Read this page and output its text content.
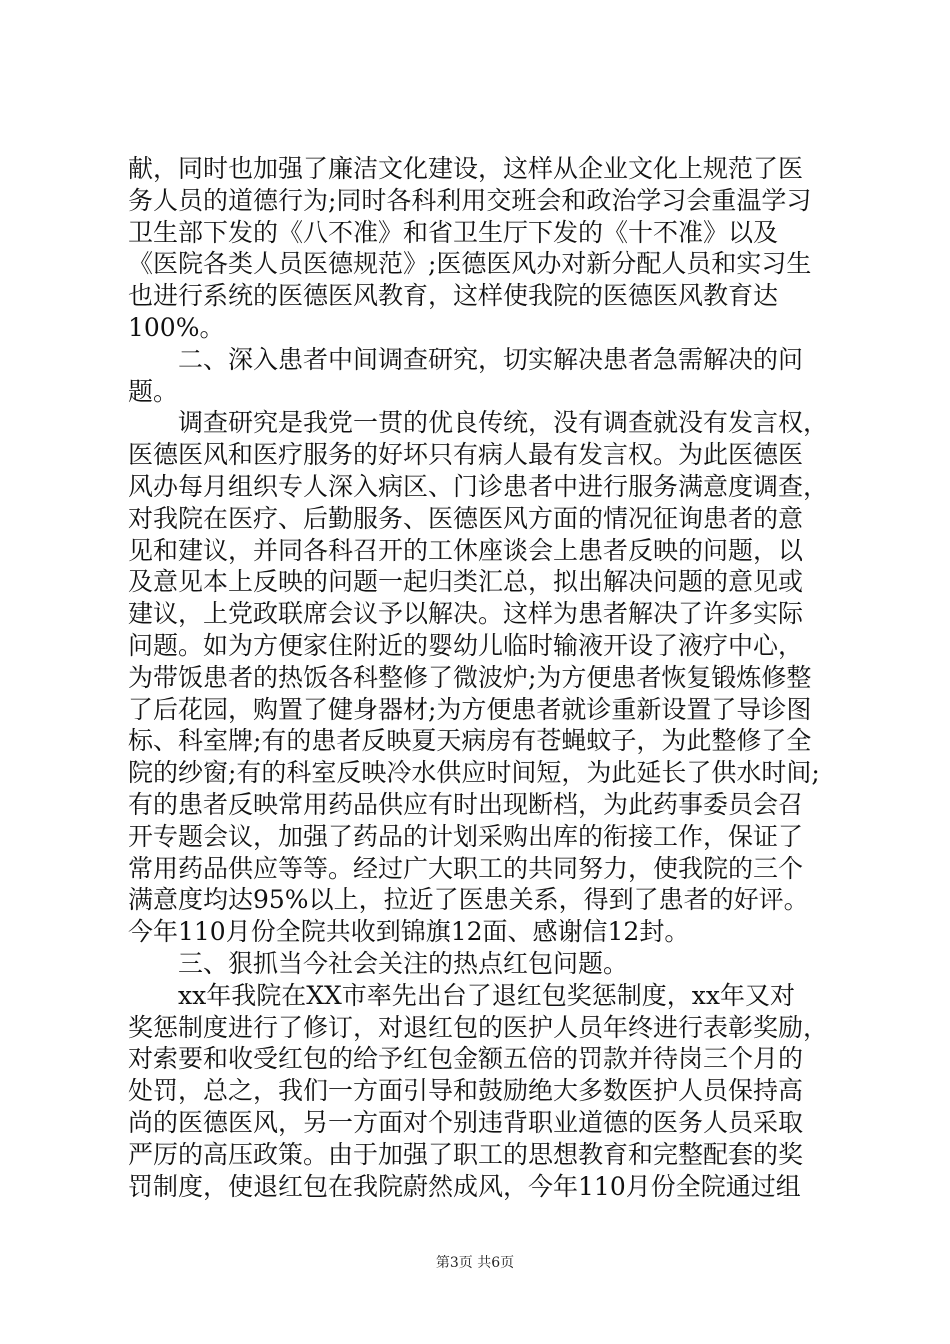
献，同时也加强了廉洁文化建设，这样从企业文化上规范了医
务人员的道德行为;同时各科利用交班会和政治学习会重温学习
卫生部下发的《八不准》和省卫生厅下发的《十不准》以及
《医院各类人员医德规范》;医德医风办对新分配人员和实习生
也进行系统的医德医风教育，这样使我院的医德医风教育达
100%。
　　二、深入患者中间调查研究，切实解决患者急需解决的问
题。
　　调查研究是我党一贯的优良传统，没有调查就没有发言权，
医德医风和医疗服务的好坏只有病人最有发言权。为此医德医
风办每月组织专人深入病区、门诊患者中进行服务满意度调查，
对我院在医疗、后勤服务、医德医风方面的情况征询患者的意
见和建议，并同各科召开的工休座谈会上患者反映的问题，以
及意见本上反映的问题一起归类汇总，拟出解决问题的意见或
建议，上党政联席会议予以解决。这样为患者解决了许多实际
问题。如为方便家住附近的婴幼儿临时输液开设了液疗中心，
为带饭患者的热饭各科整修了微波炉;为方便患者恢复锻炼修整
了后花园，购置了健身器材;为方便患者就诊重新设置了导诊图
标、科室牌;有的患者反映夏天病房有苍蝇蚊子，为此整修了全
院的纱窗;有的科室反映冷水供应时间短，为此延长了供水时间;
有的患者反映常用药品供应有时出现断档，为此药事委员会召
开专题会议，加强了药品的计划采购出库的衔接工作，保证了
常用药品供应等等。经过广大职工的共同努力，使我院的三个
满意度均达95%以上，拉近了医患关系，得到了患者的好评。
今年110月份全院共收到锦旗12面、感谢信12封。
　　三、狠抓当今社会关注的热点红包问题。
　　xx年我院在XX市率先出台了退红包奖惩制度，xx年又对
奖惩制度进行了修订，对退红包的医护人员年终进行表彰奖励，
对索要和收受红包的给予红包金额五倍的罚款并待岗三个月的
处罚，总之，我们一方面引导和鼓励绝大多数医护人员保持高
尚的医德医风，另一方面对个别违背职业道德的医务人员采取
严厉的高压政策。由于加强了职工的思想教育和完整配套的奖
罚制度，使退红包在我院蔚然成风，今年110月份全院通过组
第3页 共6页
